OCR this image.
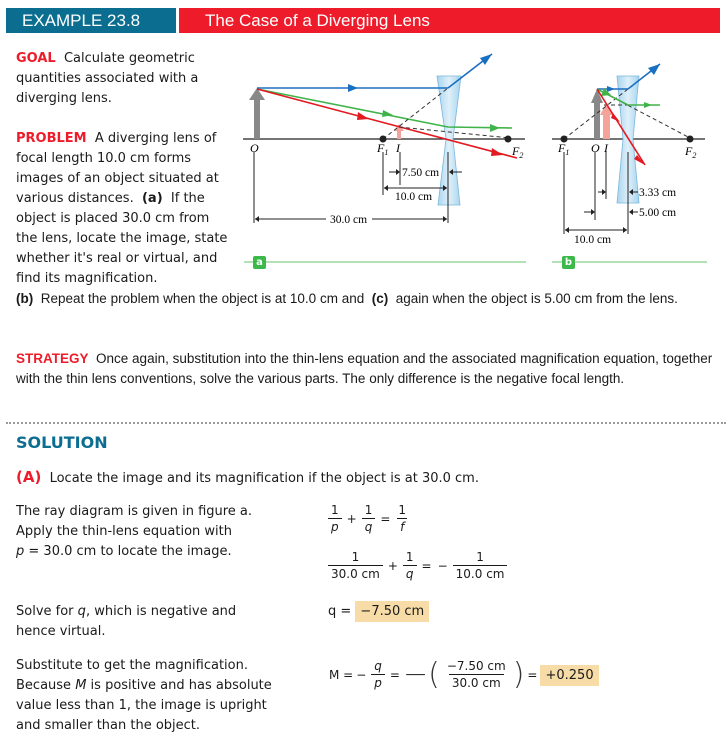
EXAMPLE 23.8	The Case of a Diverging Lens
GOAL Calculate geometric quantities associated with a diverging lens.
PROBLEM A diverging lens of focal length 10.0 cm forms images of an object situated at various distances. (a) If the object is placed 30.0 cm from the lens, locate the image, state whether it's real or virtual, and find its magnification.
(b) Repeat the problem when the object is at 10.0 cm and (c) again when the object is 5.00 cm from the lens.
O	$F_1$ I	$F_2$
7.50 cm
10.0 cm
30.0 cm
$F_1$ O I	$F_2$
3.33 cm
5.00 cm
10.0 cm
a	b
STRATEGY Once again, substitution into the thin-lens equation and the associated magnification equation, together with the thin lens conventions, solve the various parts. The only difference is the negative focal length.
SOLUTION
(A) Locate the image and its magnification if the object is at 30.0 cm.
The ray diagram is given in figure a.
Apply the thin-lens equation with
p = 30.0 cm to locate the image.
$\frac{1}{p} + \frac{1}{q} = \frac{1}{f}$
$\frac{1}{30.0 cm} + \frac{1}{q}$ = − $\frac{1}{10.0 cm}$
Solve for q, which is negative and hence virtual.
q =
−7.50 cm
Substitute to get the magnification. Because M is positive and has absolute value less than 1, the image is upright and smaller than the object.
M = − $\frac{q}{p}$ = −( $\frac{-7.50 cm}{30.0 cm}$ ) = +0.250
